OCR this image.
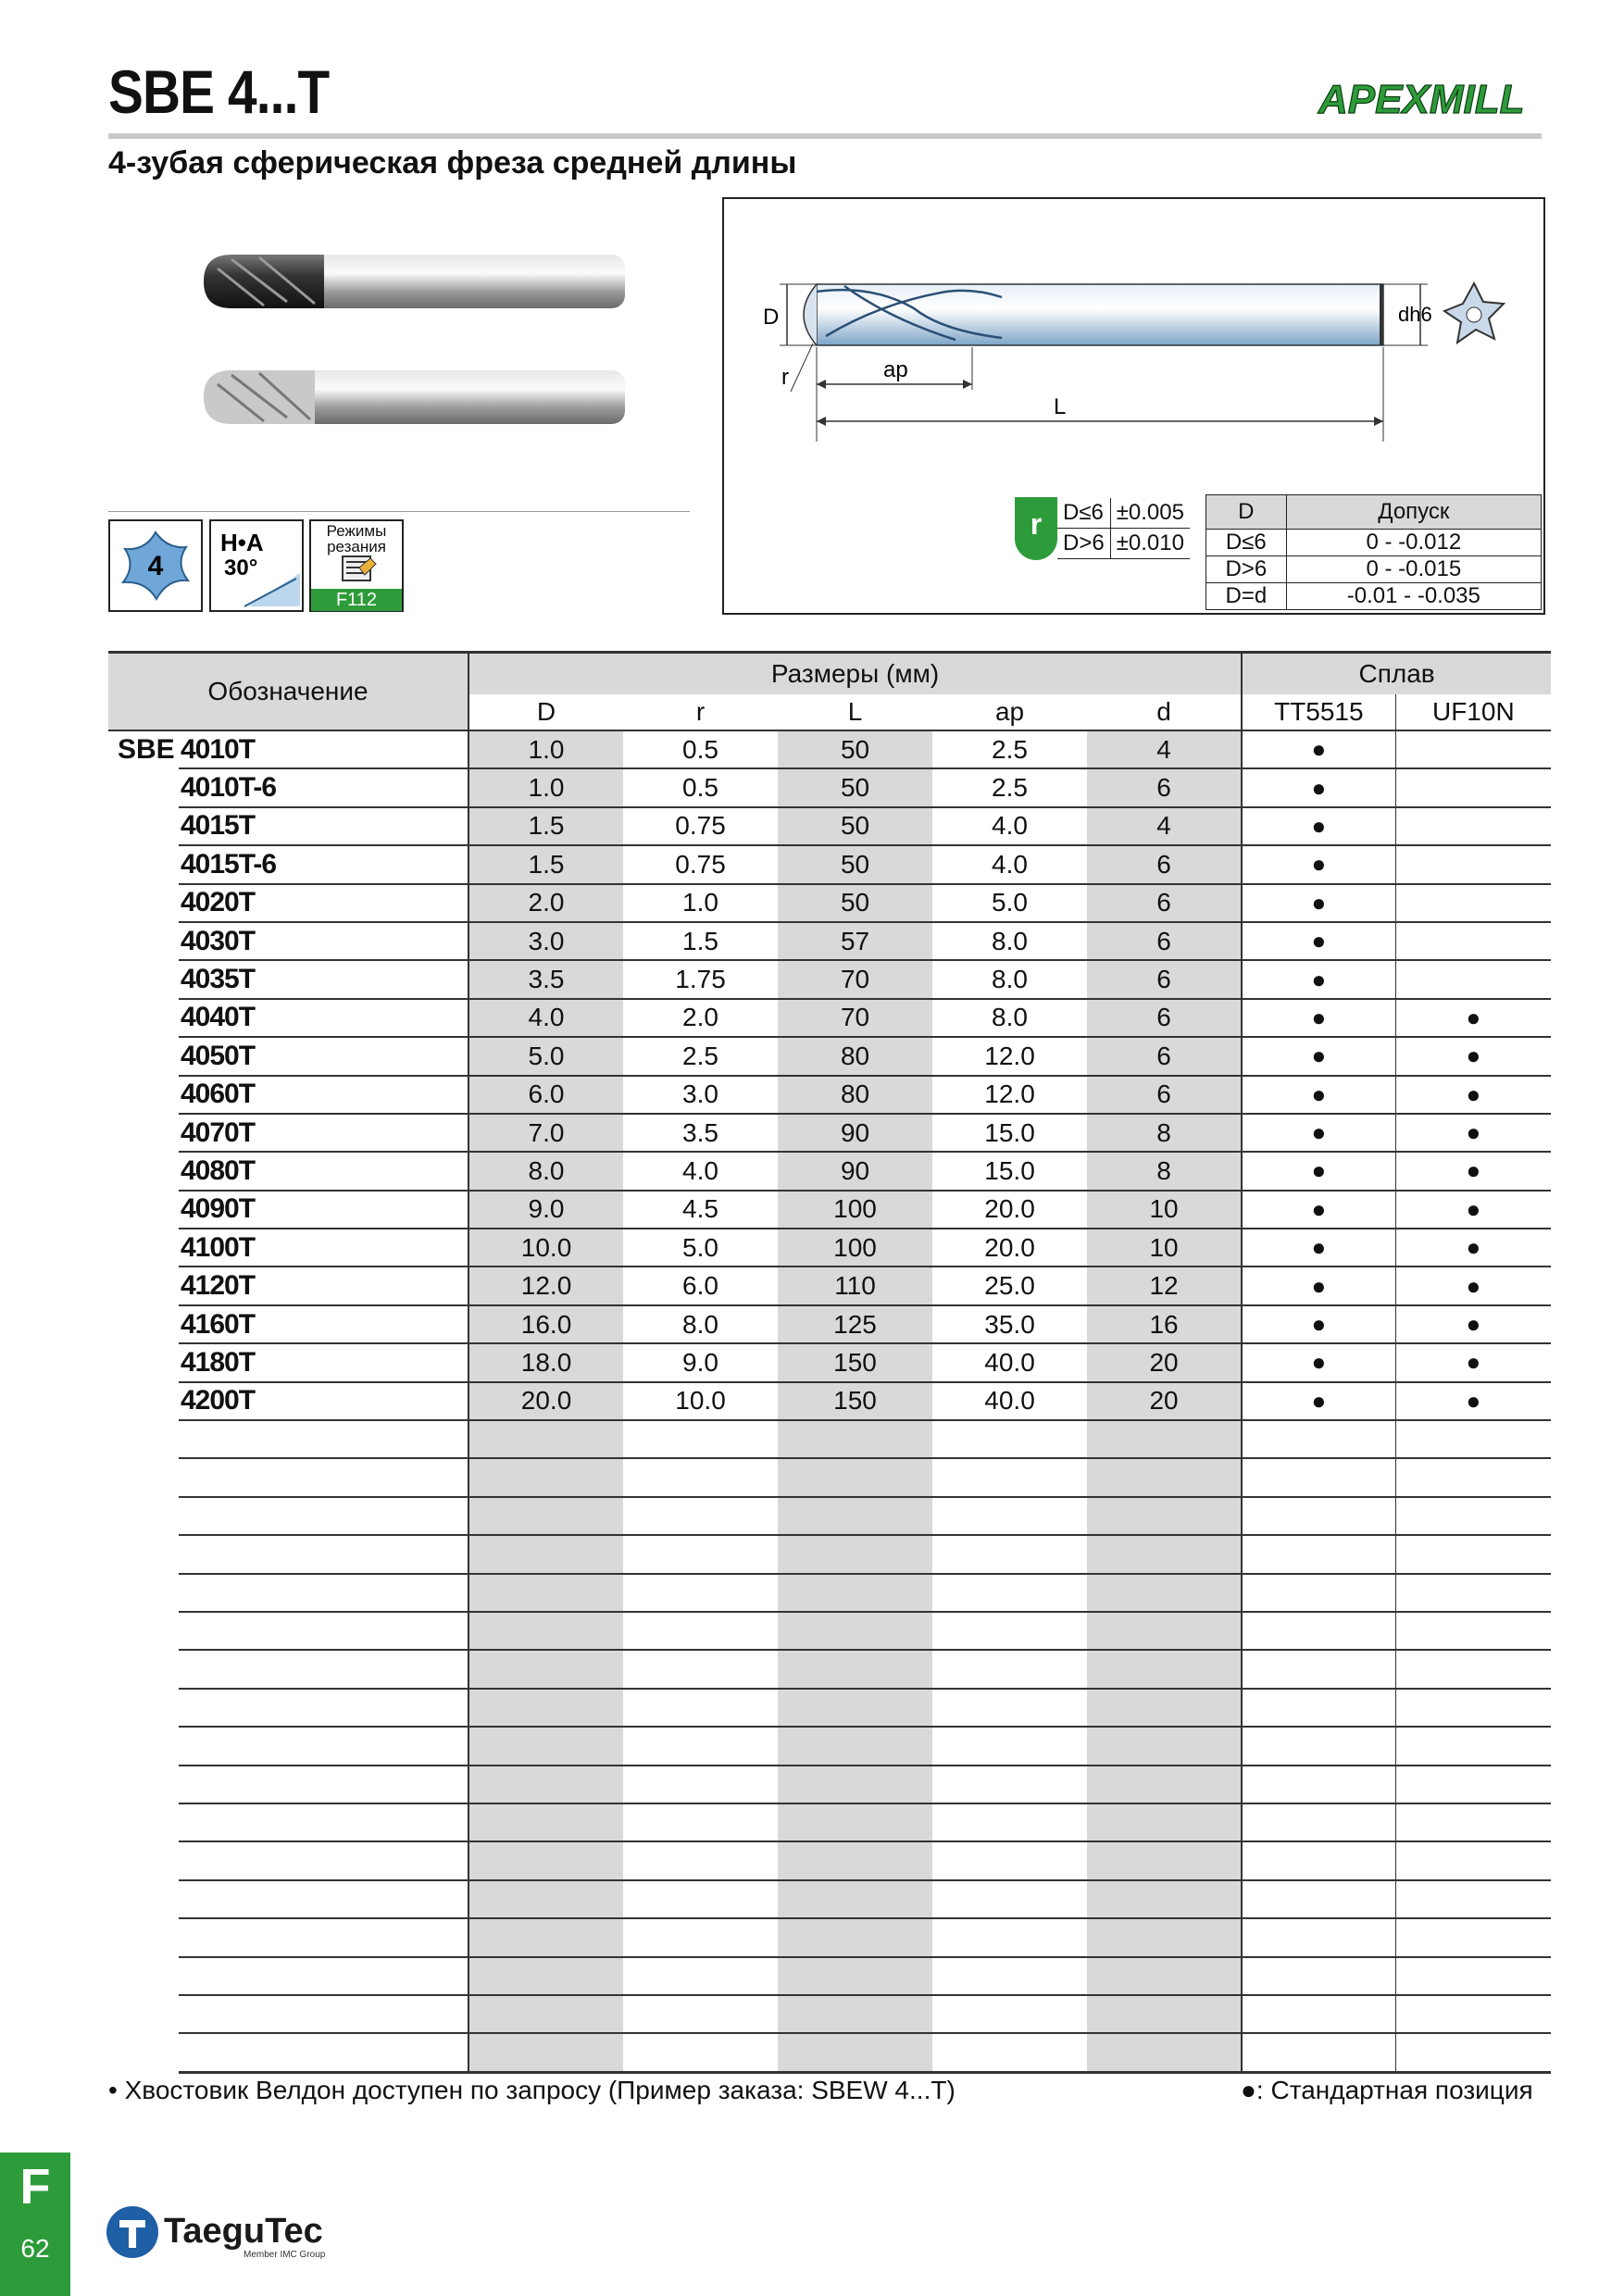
SBE 4...T	APEXMILL
4-зубая сферическая фреза средней длины
4
H•A
30°
Режимы резания
F112
D
r	ap
L
dh6
r D≤6	±0.005
D>6	±0.010
D	Допуск
D≤6	0 - -0.012
D>6	0 - -0.015
D=d	-0.01 - -0.035
Обозначение		Размеры (мм)					Сплав	
		D	r	L	ap	d	TT5515	UF10N
SBE	4010T	1.0	0.5	50	2.5	4	●	
	4010T-6	1.0	0.5	50	2.5	6	●	
	4015T	1.5	0.75	50	4.0	4	●	
	4015T-6	1.5	0.75	50	4.0	6	●	
	4020T	2.0	1.0	50	5.0	6	●	
	4030T	3.0	1.5	57	8.0	6	●	
	4035T	3.5	1.75	70	8.0	6	●	
	4040T	4.0	2.0	70	8.0	6	●	●
	4050T	5.0	2.5	80	12.0	6	●	●
	4060T	6.0	3.0	80	12.0	6	●	●
	4070T	7.0	3.5	90	15.0	8	●	●
	4080T	8.0	4.0	90	15.0	8	●	●
	4090T	9.0	4.5	100	20.0	10	●	●
	4100T	10.0	5.0	100	20.0	10	●	●
	4120T	12.0	6.0	110	25.0	12	●	●
	4160T	16.0	8.0	125	35.0	16	●	●
	4180T	18.0	9.0	150	40.0	20	●	●
	4200T	20.0	10.0	150	40.0	20	●	●

• Хвостовик Велдон доступен по запросу (Пример заказа: SBEW 4...T)	●: Стандартная позиция
F
62	TaeguTec
Member IMC Group
